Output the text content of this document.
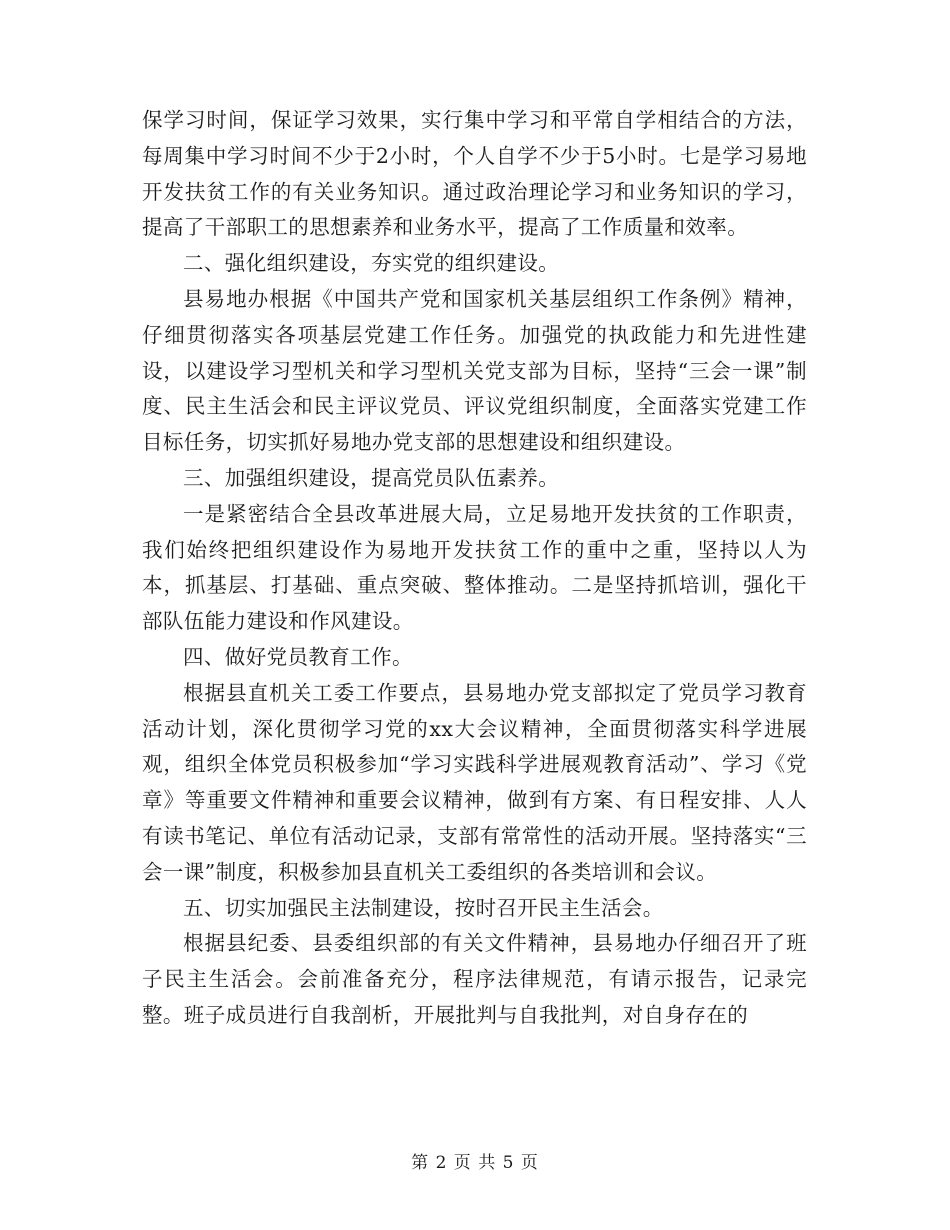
保学习时间，保证学习效果，实行集中学习和平常自学相结合的方法，每周集中学习时间不少于2小时，个人自学不少于5小时。七是学习易地开发扶贫工作的有关业务知识。通过政治理论学习和业务知识的学习，提高了干部职工的思想素养和业务水平，提高了工作质量和效率。

二、强化组织建设，夯实党的组织建设。

县易地办根据《中国共产党和国家机关基层组织工作条例》精神，仔细贯彻落实各项基层党建工作任务。加强党的执政能力和先进性建设，以建设学习型机关和学习型机关党支部为目标，坚持“三会一课”制度、民主生活会和民主评议党员、评议党组织制度，全面落实党建工作目标任务，切实抓好易地办党支部的思想建设和组织建设。

三、加强组织建设，提高党员队伍素养。

一是紧密结合全县改革进展大局，立足易地开发扶贫的工作职责，我们始终把组织建设作为易地开发扶贫工作的重中之重，坚持以人为本，抓基层、打基础、重点突破、整体推动。二是坚持抓培训，强化干部队伍能力建设和作风建设。

四、做好党员教育工作。

根据县直机关工委工作要点，县易地办党支部拟定了党员学习教育活动计划，深化贯彻学习党的xx大会议精神，全面贯彻落实科学进展观，组织全体党员积极参加“学习实践科学进展观教育活动”、学习《党章》等重要文件精神和重要会议精神，做到有方案、有日程安排、人人有读书笔记、单位有活动记录，支部有常常性的活动开展。坚持落实“三会一课”制度，积极参加县直机关工委组织的各类培训和会议。

五、切实加强民主法制建设，按时召开民主生活会。

根据县纪委、县委组织部的有关文件精神，县易地办仔细召开了班子民主生活会。会前准备充分，程序法律规范，有请示报告，记录完整。班子成员进行自我剖析，开展批判与自我批判，对自身存在的

第 2 页 共 5 页
